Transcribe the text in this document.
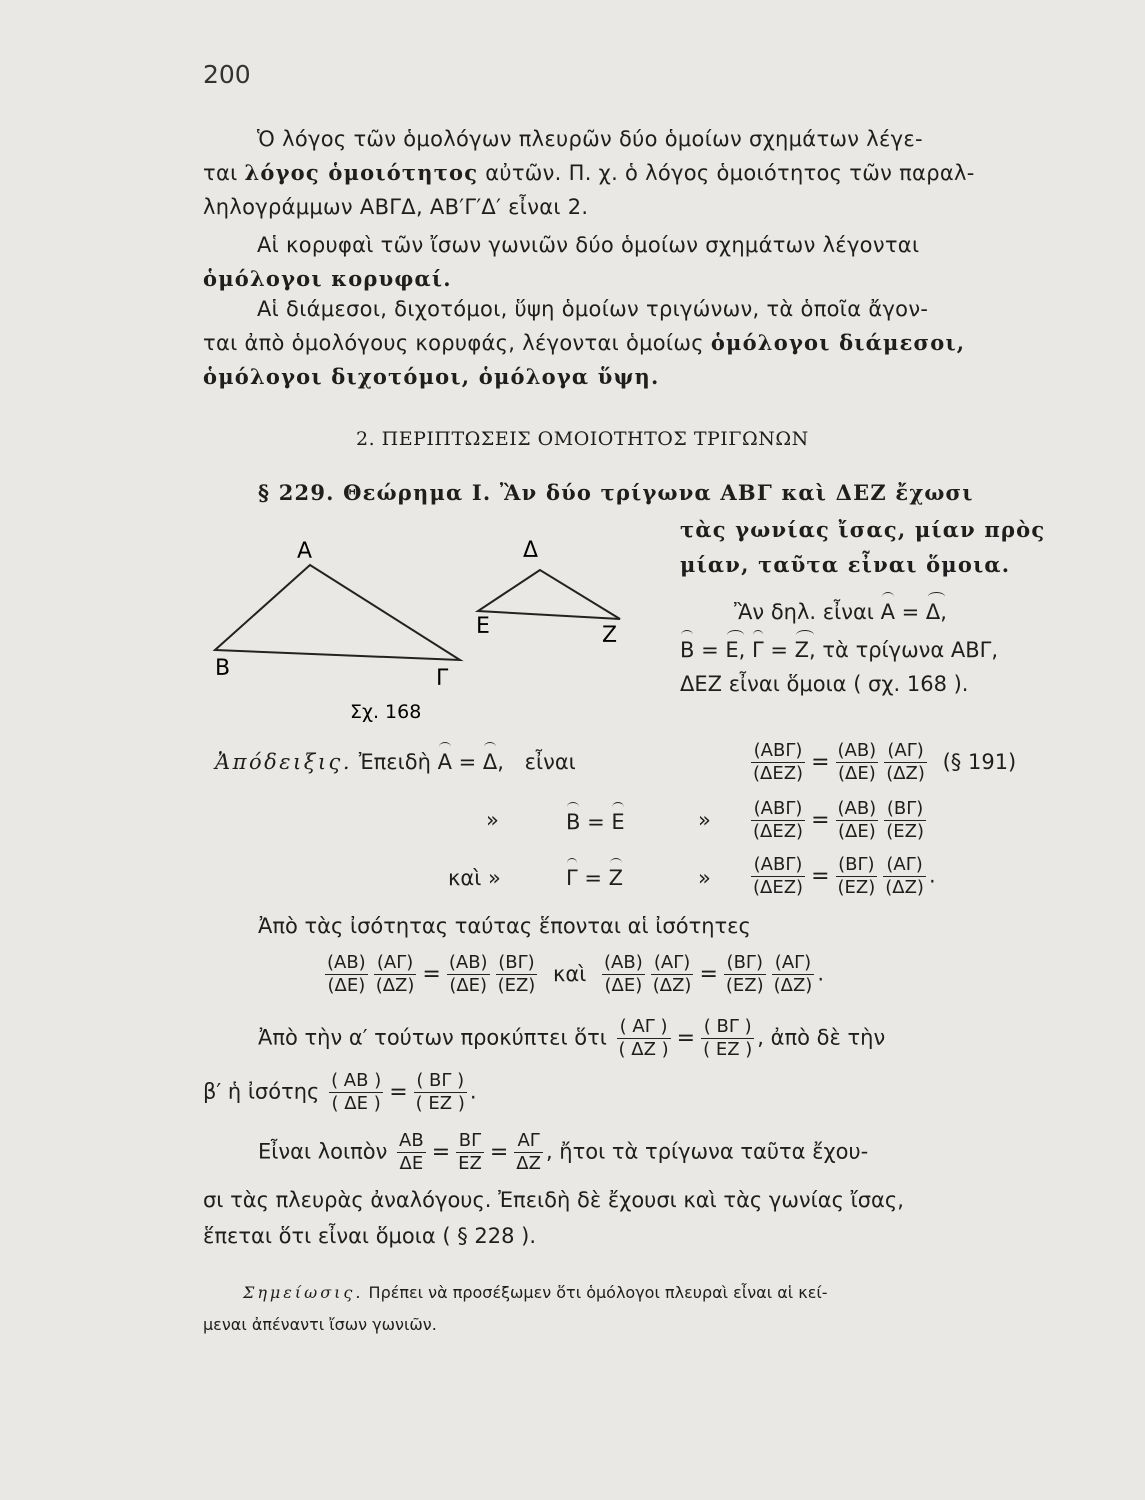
200
Ὁ λόγος τῶν ὁμολόγων πλευρῶν δύο ὁμοίων σχημάτων λέγε-
ται λόγος ὁμοιότητος αὐτῶν. Π. χ. ὁ λόγος ὁμοιότητος τῶν παραλ-
ληλογράμμων ΑΒΓΔ, ΑΒ′Γ′Δ′ εἶναι 2.
Αἱ κορυφαὶ τῶν ἴσων γωνιῶν δύο ὁμοίων σχημάτων λέγονται
ὁμόλογοι κορυφαί.
Αἱ διάμεσοι, διχοτόμοι, ὕψη ὁμοίων τριγώνων, τὰ ὁποῖα ἄγον-
ται ἀπὸ ὁμολόγους κορυφάς, λέγονται ὁμοίως ὁμόλογοι διάμεσοι,
ὁμόλογοι διχοτόμοι, ὁμόλογα ὕψη.
2. ΠΕΡΙΠΤΩΣΕΙΣ ΟΜΟΙΟΤΗΤΟΣ ΤΡΙΓΩΝΩΝ
§ 229. Θεώρημα Ι. Ἂν δύο τρίγωνα ΑΒΓ καὶ ΔΕΖ ἔχωσι
τὰς γωνίας ἴσας, μίαν πρὸς
μίαν, ταῦτα εἶναι ὅμοια.
Α
Β	Γ
Δ
Ε	Ζ
Σχ. 168
Ἂν δηλ. εἶναι Α = Δ,
Β = Ε, Γ = Ζ, τὰ τρίγωνα ΑΒΓ,
ΔΕΖ εἶναι ὅμοια ( σχ. 168 ).
Ἀπόδειξις. Ἐπειδὴ Α = Δ, εἶναι	$\frac{\text{(ΑΒΓ)}}{\text{(ΔΕΖ)}} = \frac{(AB)}{(\Delta E)} \frac{(A\Gamma)}{(\Delta Z)}$ (§ 191)
»	Β = Ε	» $\frac{\text{(ΑΒΓ)}}{\text{(ΔΕΖ)}} = \frac{(AB)}{(\Delta E)} \frac{(B\Gamma)}{(EZ)}$
καὶ »	Γ = Ζ	» $\frac{\text{(ΑΒΓ)}}{\text{(ΔΕΖ)}} = \frac{(B\Gamma)}{(EZ)} \frac{(A\Gamma)}{(\Delta Z)}$ .
Ἀπὸ τὰς ἰσότητας ταύτας ἕπονται αἱ ἰσότητες
$\frac{(AB)}{(\Delta E)} \frac{(A\Gamma)}{(\Delta Z)} = \frac{(AB)}{(\Delta E)} \frac{(B\Gamma)}{(EZ)}$ καὶ $\frac{(AB)}{(\Delta E)} \frac{(A\Gamma)}{(\Delta Z)} = \frac{(B\Gamma)}{(EZ)} \frac{(A\Gamma)}{(\Delta Z)}$ .
Ἀπὸ τὴν α′ τούτων προκύπτει ὅτι $\frac{( A\Gamma )}{( \Delta Z )} = \frac{( B\Gamma )}{( EZ )}$ , ἀπὸ δὲ τὴν
β′ ἡ ἰσότης $\frac{( AB )}{( \Delta E )} = \frac{( B\Gamma )}{( EZ )}$ .
Εἶναι λοιπὸν $\frac{AB}{\Delta E} = \frac{B\Gamma}{EZ} = \frac{A\Gamma}{\Delta Z}$ , ἤτοι τὰ τρίγωνα ταῦτα ἔχου-
σι τὰς πλευρὰς ἀναλόγους. Ἐπειδὴ δὲ ἔχουσι καὶ τὰς γωνίας ἴσας,
ἕπεται ὅτι εἶναι ὅμοια ( § 228 ).
Σημείωσις. Πρέπει νὰ προσέξωμεν ὅτι ὁμόλογοι πλευραὶ εἶναι αἱ κεί-
μεναι ἀπέναντι ἴσων γωνιῶν.
